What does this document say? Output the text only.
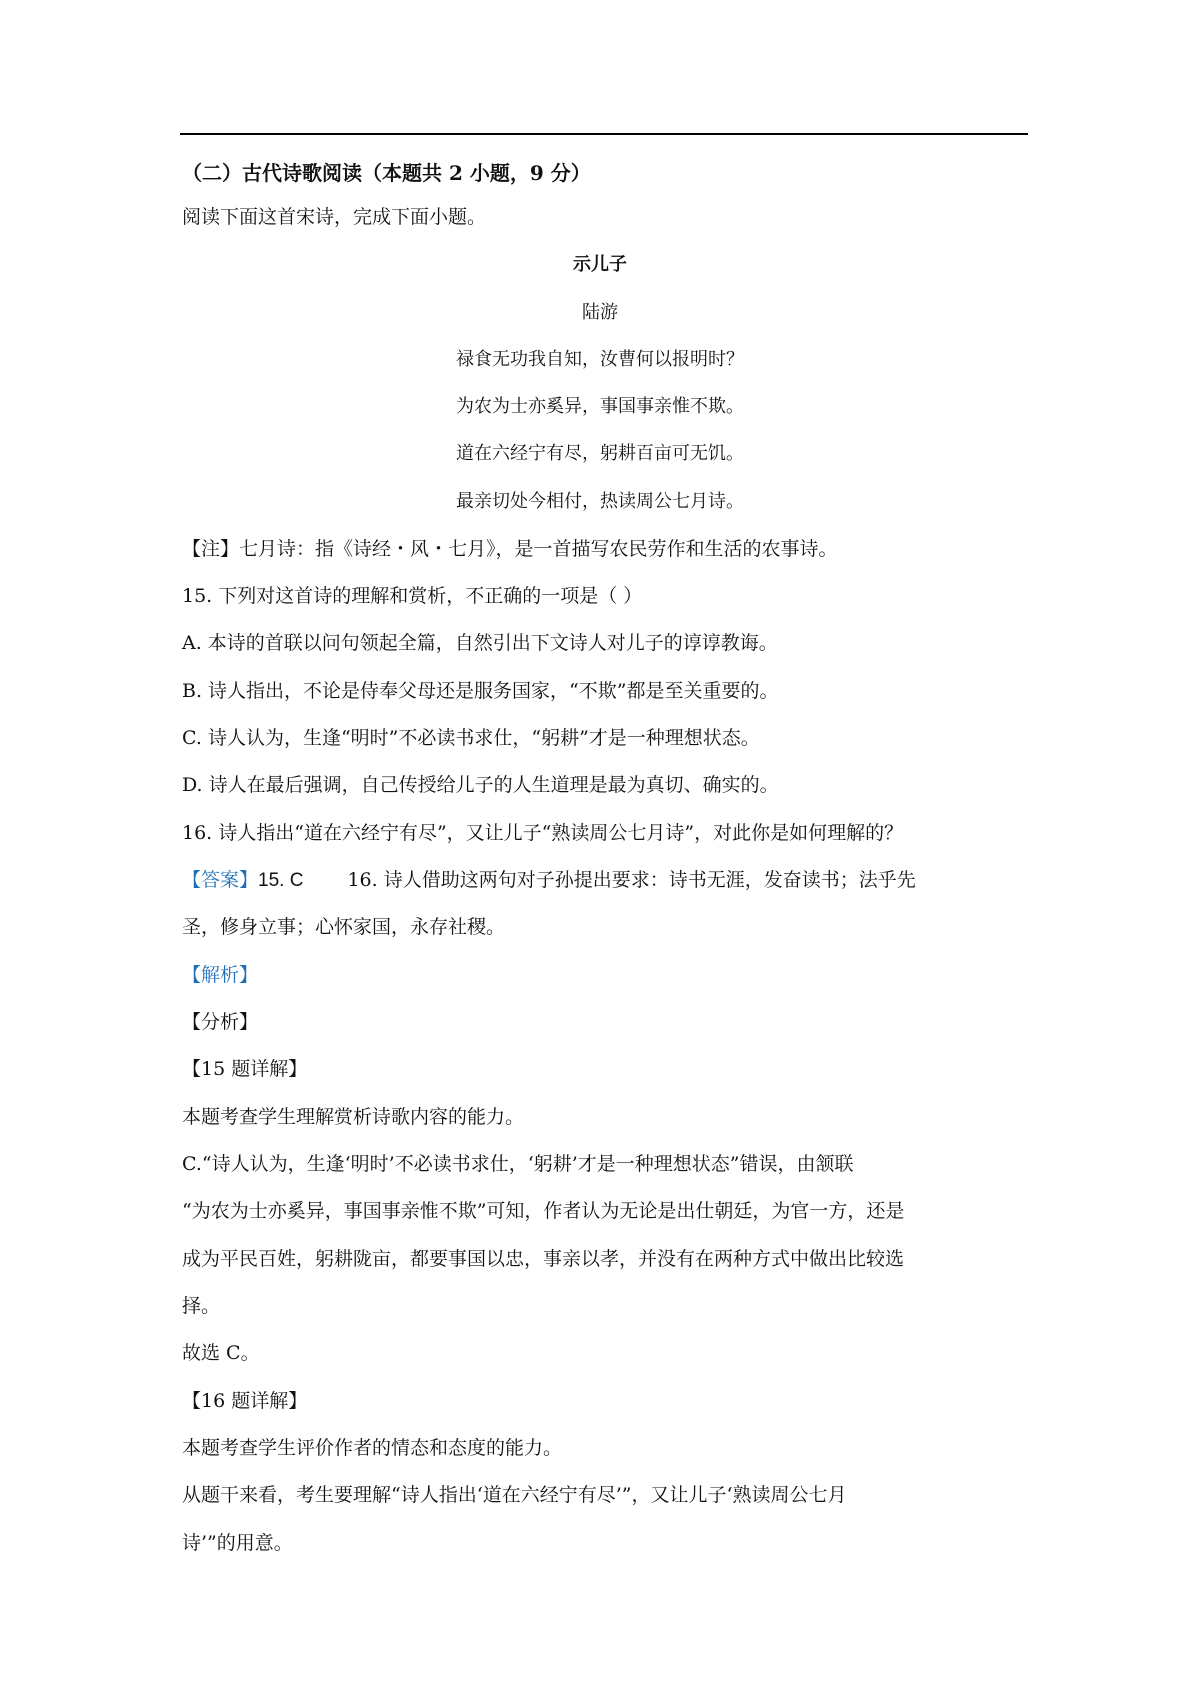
（二）古代诗歌阅读（本题共 2 小题，9 分）
阅读下面这首宋诗，完成下面小题。
示儿子
陆游
禄食无功我自知，汝曹何以报明时？
为农为士亦奚异，事国事亲惟不欺。
道在六经宁有尽，躬耕百亩可无饥。
最亲切处今相付，热读周公七月诗。
【注】七月诗：指《诗经・风・七月》，是一首描写农民劳作和生活的农事诗。
15. 下列对这首诗的理解和赏析，不正确的一项是（ ）
A. 本诗的首联以问句领起全篇，自然引出下文诗人对儿子的谆谆教诲。
B. 诗人指出，不论是侍奉父母还是服务国家，“不欺”都是至关重要的。
C. 诗人认为，生逢“明时”不必读书求仕，“躬耕”才是一种理想状态。
D. 诗人在最后强调，自己传授给儿子的人生道理是最为真切、确实的。
16. 诗人指出“道在六经宁有尽”，又让儿子“熟读周公七月诗”，对此你是如何理解的？
【答案】15. C 16. 诗人借助这两句对子孙提出要求：诗书无涯，发奋读书；法乎先
圣，修身立事；心怀家国，永存社稷。
【解析】
【分析】
【15 题详解】
本题考查学生理解赏析诗歌内容的能力。
C.“诗人认为，生逢‘明时’不必读书求仕，‘躬耕’才是一种理想状态”错误，由颔联
“为农为士亦奚异，事国事亲惟不欺”可知，作者认为无论是出仕朝廷，为官一方，还是
成为平民百姓，躬耕陇亩，都要事国以忠，事亲以孝，并没有在两种方式中做出比较选
择。
故选 C。
【16 题详解】
本题考查学生评价作者的情态和态度的能力。
从题干来看，考生要理解“诗人指出‘道在六经宁有尽’”，又让儿子‘熟读周公七月
诗’”的用意。
